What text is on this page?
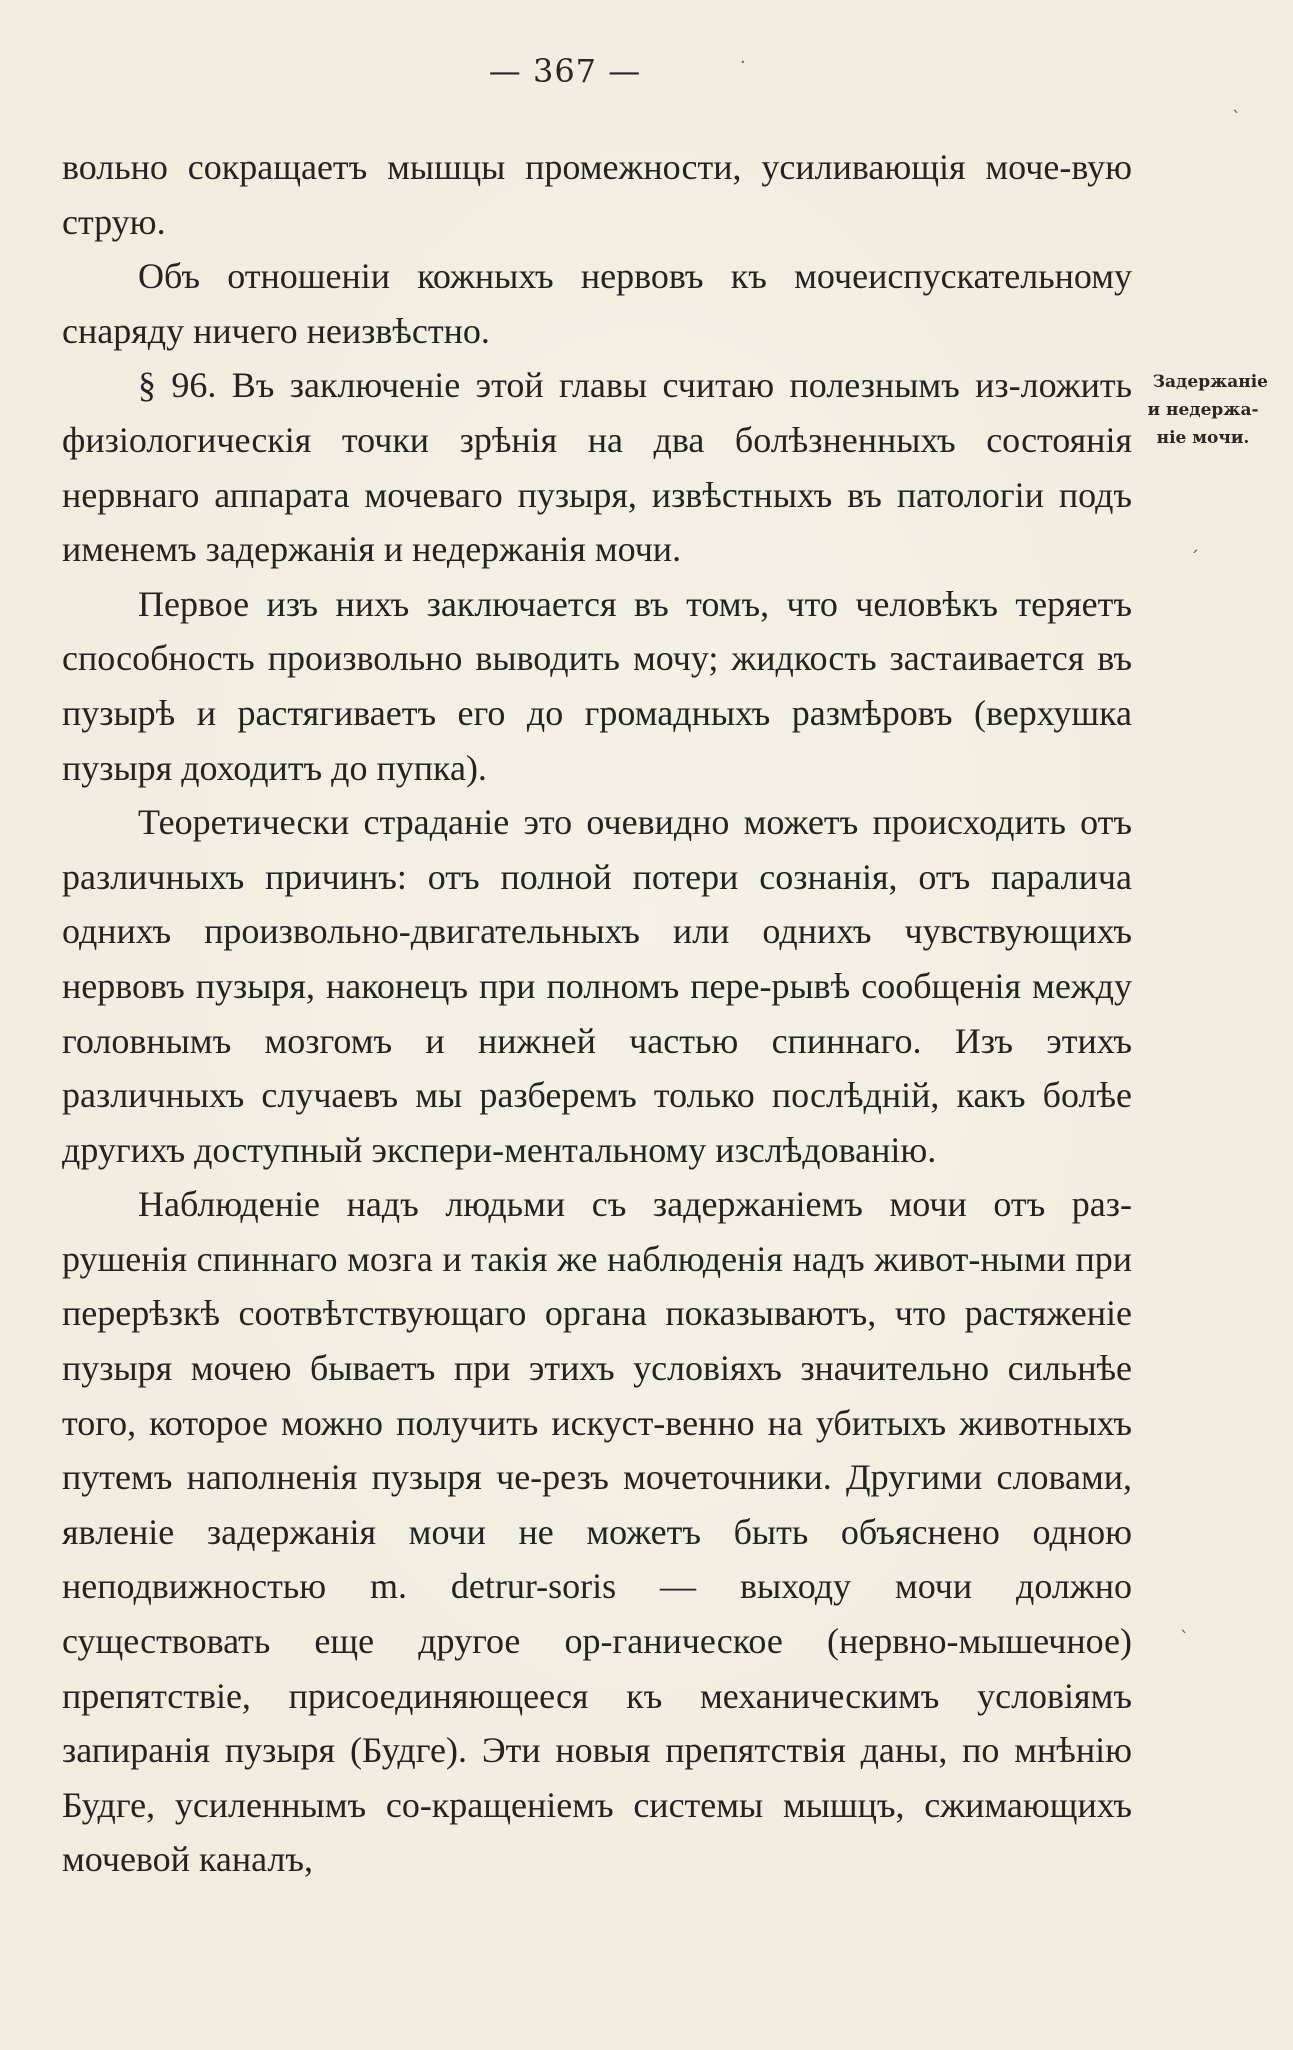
— 367 —

вольно сокращаетъ мышцы промежности, усиливающія моче-вую струю.

Объ отношеніи кожныхъ нервовъ къ мочеиспускательному снаряду ничего неизвѣстно.

§ 96. Въ заключеніе этой главы считаю полезнымъ из-ложить физіологическія точки зрѣнія на два болѣзненныхъ состоянія нервнаго аппарата мочеваго пузыря, извѣстныхъ въ патологіи подъ именемъ задержанія и недержанія мочи.

Первое изъ нихъ заключается въ томъ, что человѣкъ теряетъ способность произвольно выводить мочу; жидкость застаивается въ пузырѣ и растягиваетъ его до громадныхъ размѣровъ (верхушка пузыря доходитъ до пупка).

Теоретически страданіе это очевидно можетъ происходить отъ различныхъ причинъ: отъ полной потери сознанія, отъ паралича однихъ произвольно-двигательныхъ или однихъ чувствующихъ нервовъ пузыря, наконецъ при полномъ пере-рывѣ сообщенія между головнымъ мозгомъ и нижней частью спиннаго. Изъ этихъ различныхъ случаевъ мы разберемъ только послѣдній, какъ болѣе другихъ доступный экспери-ментальному изслѣдованію.

Наблюденіе надъ людьми съ задержаніемъ мочи отъ раз-рушенія спиннаго мозга и такія же наблюденія надъ живот-ными при перерѣзкѣ соотвѣтствующаго органа показываютъ, что растяженіе пузыря мочею бываетъ при этихъ условіяхъ значительно сильнѣе того, которое можно получить искуст-венно на убитыхъ животныхъ путемъ наполненія пузыря че-резъ мочеточники. Другими словами, явленіе задержанія мочи не можетъ быть объяснено одною неподвижностью m. detrur-soris — выходу мочи должно существовать еще другое ор-ганическое (нервно-мышечное) препятствіе, присоединяющееся къ механическимъ условіямъ запиранія пузыря (Будге). Эти новыя препятствія даны, по мнѣнію Будге, усиленнымъ со-кращеніемъ системы мышцъ, сжимающихъ мочевой каналъ,

Задержаніе
и недержа-
ніе мочи.
·
ˋ
ˊ
ˋ
